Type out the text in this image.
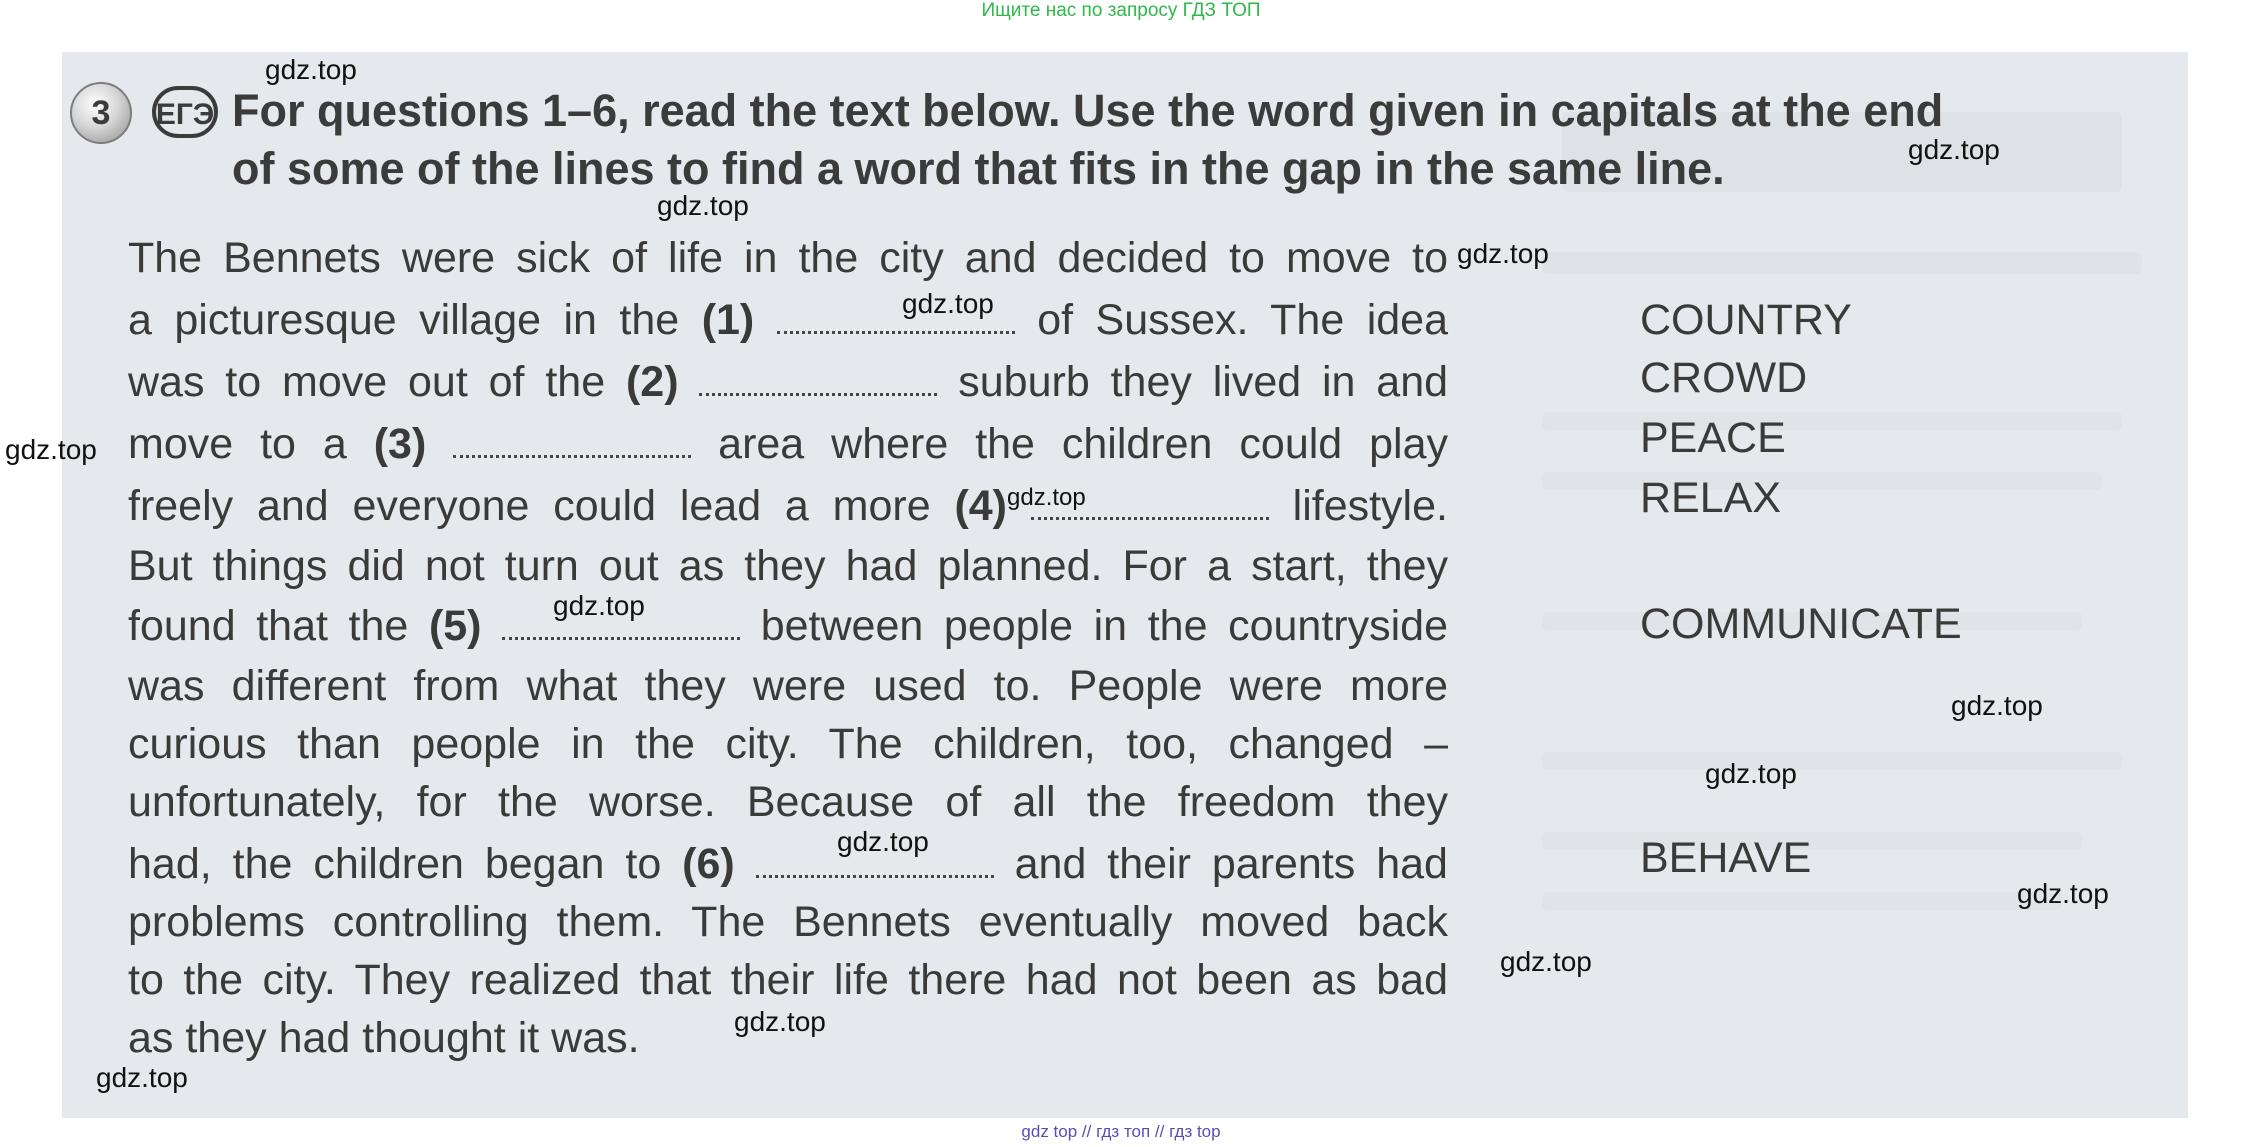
Ищите нас по запросу ГДЗ ТОП
3	ЕГЭ For questions 1–6, read the text below. Use the word given in capitals at the end
of some of the lines to find a word that fits in the gap in the same line.
The Bennets were sick of life in the city and decided to move to
a picturesque village in the (1)	of Sussex. The idea
was to move out of the (2)	suburb they lived in and
move to a (3)	area where the children could play
freely and everyone could lead a more (4)	lifestyle.
But things did not turn out as they had planned. For a start, they
found that the (5)	between people in the countryside
was different from what they were used to. People were more
curious than people in the city. The children, too, changed –
unfortunately, for the worse. Because of all the freedom they
had, the children began to (6)	and their parents had
problems controlling them. The Bennets eventually moved back
to the city. They realized that their life there had not been as bad
as they had thought it was.
COUNTRY
CROWD
PEACE
RELAX
COMMUNICATE
BEHAVE
gdz.top
gdz.top
gdz.top
gdz.top
gdz.top
gdz.top
gdz.top
gdz.top
gdz.top
gdz.top
gdz.top
gdz.top
gdz.top
gdz.top
gdz.top
gdz top // гдз топ // гдз top
